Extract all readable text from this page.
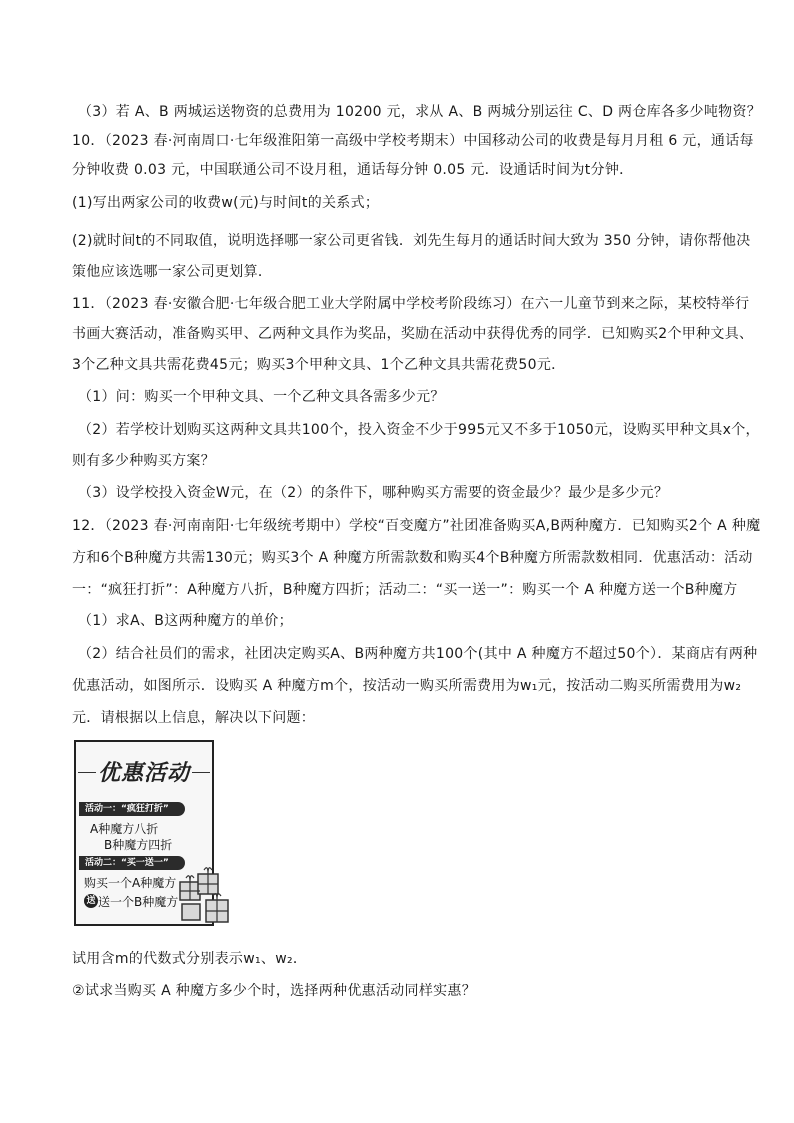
（3）若 A、B 两城运送物资的总费用为 10200 元，求从 A、B 两城分别运往 C、D 两仓库各多少吨物资？
10．（2023 春·河南周口·七年级淮阳第一高级中学校考期末）中国移动公司的收费是每月月租 6 元，通话每
分钟收费 0.03 元，中国联通公司不设月租，通话每分钟 0.05 元．设通话时间为t分钟．
(1)写出两家公司的收费w(元)与时间t的关系式；
(2)就时间t的不同取值，说明选择哪一家公司更省钱．刘先生每月的通话时间大致为 350 分钟，请你帮他决
策他应该选哪一家公司更划算．
11．（2023 春·安徽合肥·七年级合肥工业大学附属中学校考阶段练习）在六一儿童节到来之际，某校特举行
书画大赛活动，准备购买甲、乙两种文具作为奖品，奖励在活动中获得优秀的同学．已知购买2个甲种文具、
3个乙种文具共需花费45元；购买3个甲种文具、1个乙种文具共需花费50元．
（1）问：购买一个甲种文具、一个乙种文具各需多少元？
（2）若学校计划购买这两种文具共100个，投入资金不少于995元又不多于1050元，设购买甲种文具x个，
则有多少种购买方案？
（3）设学校投入资金W元，在（2）的条件下，哪种购买方需要的资金最少？最少是多少元？
12．（2023 春·河南南阳·七年级统考期中）学校“百变魔方”社团准备购买A,B两种魔方．已知购买2个 A 种魔
方和6个B种魔方共需130元；购买3个 A 种魔方所需款数和购买4个B种魔方所需款数相同．优惠活动：活动
一：“疯狂打折”：A种魔方八折，B种魔方四折；活动二：“买一送一”：购买一个 A 种魔方送一个B种魔方
（1）求A、B这两种魔方的单价；
（2）结合社员们的需求，社团决定购买A、B两种魔方共100个(其中 A 种魔方不超过50个）．某商店有两种
优惠活动，如图所示．设购买 A 种魔方m个，按活动一购买所需费用为w₁元，按活动二购买所需费用为w₂
元．请根据以上信息，解决以下问题：
优惠活动
活动一：“疯狂打折”
A种魔方八折
B种魔方四折
活动二：“买一送一”
购买一个A种魔方
送 送一个B种魔方
试用含m的代数式分别表示w₁、w₂．
②试求当购买 A 种魔方多少个时，选择两种优惠活动同样实惠？
